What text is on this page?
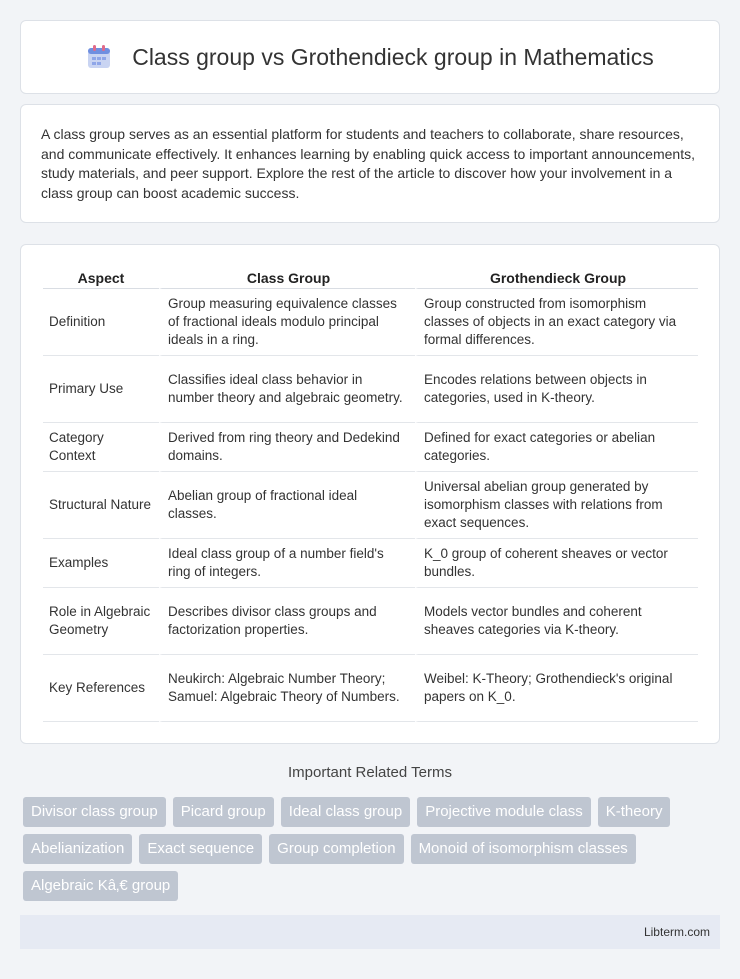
Class group vs Grothendieck group in Mathematics

A class group serves as an essential platform for students and teachers to collaborate, share resources, and communicate effectively. It enhances learning by enabling quick access to important announcements, study materials, and peer support. Explore the rest of the article to discover how your involvement in a class group can boost academic success.

Aspect	Class Group	Grothendieck Group
Definition	Group measuring equivalence classes of fractional ideals modulo principal ideals in a ring.	Group constructed from isomorphism classes of objects in an exact category via formal differences.
Primary Use	Classifies ideal class behavior in number theory and algebraic geometry.	Encodes relations between objects in categories, used in K-theory.
Category Context	Derived from ring theory and Dedekind domains.	Defined for exact categories or abelian categories.
Structural Nature	Abelian group of fractional ideal classes.	Universal abelian group generated by isomorphism classes with relations from exact sequences.
Examples	Ideal class group of a number field's ring of integers.	K_0 group of coherent sheaves or vector bundles.
Role in Algebraic Geometry	Describes divisor class groups and factorization properties.	Models vector bundles and coherent sheaves categories via K-theory.
Key References	Neukirch: Algebraic Number Theory; Samuel: Algebraic Theory of Numbers.	Weibel: K-Theory; Grothendieck's original papers on K_0.
Important Related Terms
Divisor class group	Picard group	Ideal class group	Projective module class	K-theory
Abelianization	Exact sequence	Group completion	Monoid of isomorphism classes
Algebraic Kâ‚€ group
Libterm.com
